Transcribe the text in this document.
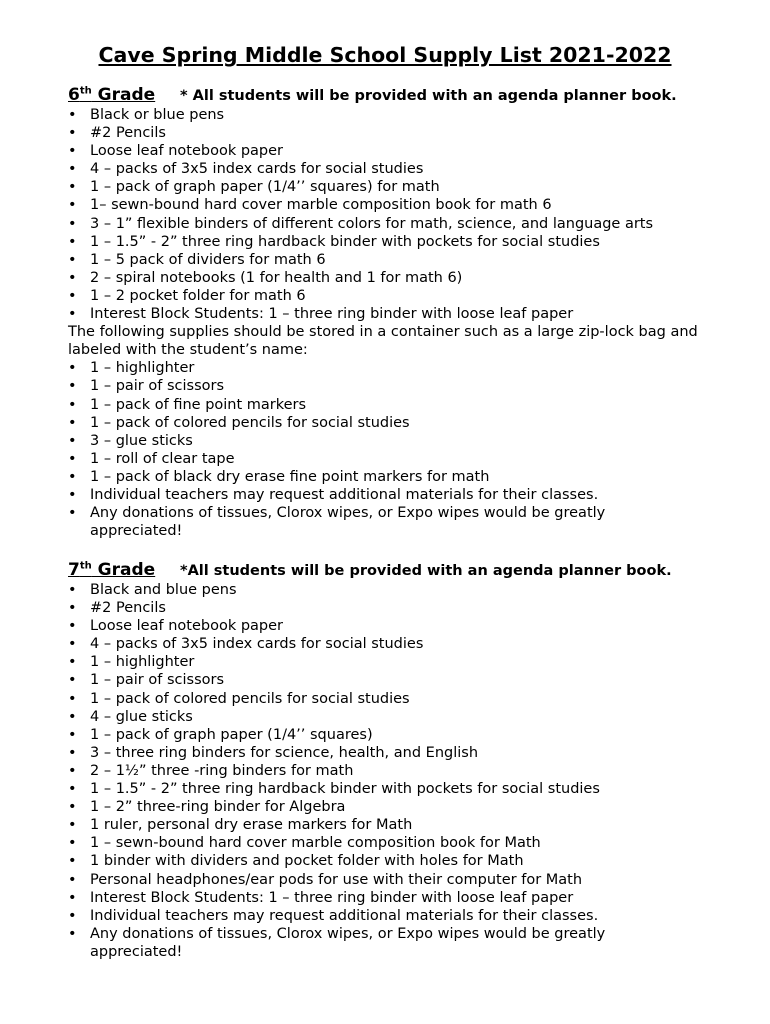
Cave Spring Middle School Supply List 2021-2022
6th Grade * All students will be provided with an agenda planner book.
• Black or blue pens
• #2 Pencils
• Loose leaf notebook paper
• 4 – packs of 3x5 index cards for social studies
• 1 – pack of graph paper (1/4’’ squares) for math
• 1– sewn-bound hard cover marble composition book for math 6
• 3 – 1” flexible binders of different colors for math, science, and language arts
• 1 – 1.5” - 2” three ring hardback binder with pockets for social studies
• 1 – 5 pack of dividers for math 6
• 2 – spiral notebooks (1 for health and 1 for math 6)
• 1 – 2 pocket folder for math 6
• Interest Block Students: 1 – three ring binder with loose leaf paper
The following supplies should be stored in a container such as a large zip-lock bag and labeled with the student’s name:
• 1 – highlighter
• 1 – pair of scissors
• 1 – pack of fine point markers
• 1 – pack of colored pencils for social studies
• 3 – glue sticks
• 1 – roll of clear tape
• 1 – pack of black dry erase fine point markers for math
• Individual teachers may request additional materials for their classes.
• Any donations of tissues, Clorox wipes, or Expo wipes would be greatly appreciated!
7th Grade *All students will be provided with an agenda planner book.
• Black and blue pens
• #2 Pencils
• Loose leaf notebook paper
• 4 – packs of 3x5 index cards for social studies
• 1 – highlighter
• 1 – pair of scissors
• 1 – pack of colored pencils for social studies
• 4 – glue sticks
• 1 – pack of graph paper (1/4’’ squares)
• 3 – three ring binders for science, health, and English
• 2 – 1½” three -ring binders for math
• 1 – 1.5” - 2” three ring hardback binder with pockets for social studies
• 1 – 2” three-ring binder for Algebra
• 1 ruler, personal dry erase markers for Math
• 1 – sewn-bound hard cover marble composition book for Math
• 1 binder with dividers and pocket folder with holes for Math
• Personal headphones/ear pods for use with their computer for Math
• Interest Block Students: 1 – three ring binder with loose leaf paper
• Individual teachers may request additional materials for their classes.
• Any donations of tissues, Clorox wipes, or Expo wipes would be greatly appreciated!
